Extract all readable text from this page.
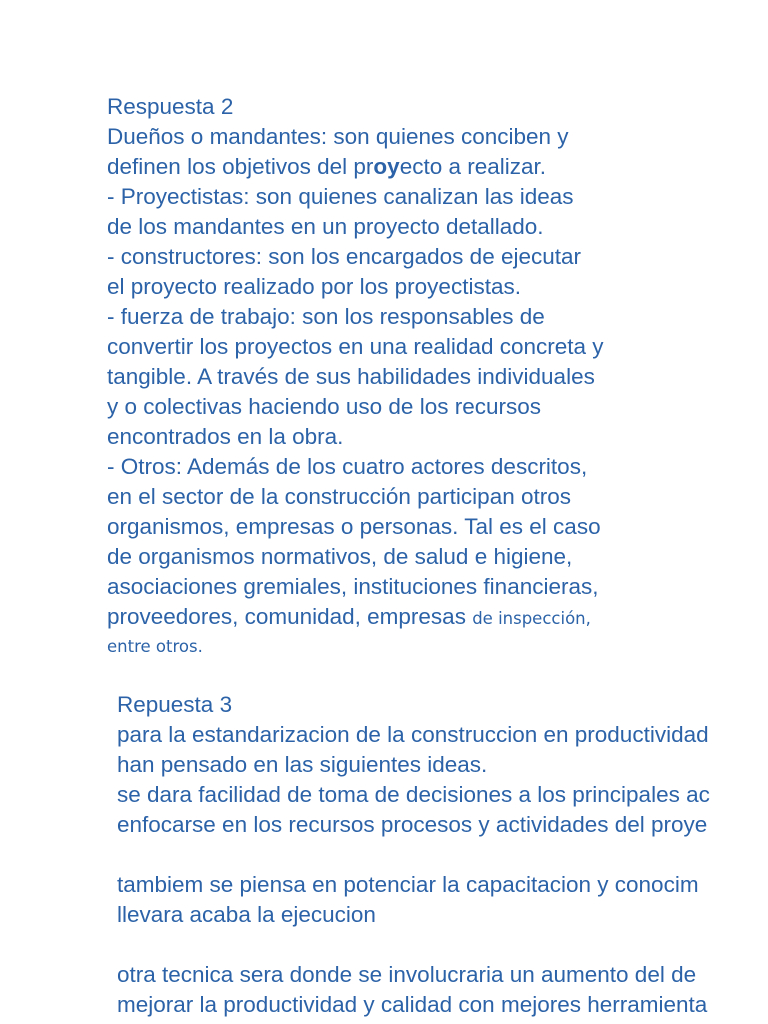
Respuesta 2
Dueños o mandantes: son quienes conciben y
definen los objetivos del proyecto a realizar.
- Proyectistas: son quienes canalizan las ideas
de los mandantes en un proyecto detallado.
- constructores: son los encargados de ejecutar
el proyecto realizado por los proyectistas.
- fuerza de trabajo: son los responsables de
convertir los proyectos en una realidad concreta y
tangible. A través de sus habilidades individuales
y o colectivas haciendo uso de los recursos
encontrados en la obra.
- Otros: Además de los cuatro actores descritos,
en el sector de la construcción participan otros
organismos, empresas o personas. Tal es el caso
de organismos normativos, de salud e higiene,
asociaciones gremiales, instituciones financieras,
proveedores, comunidad, empresas de inspección,
entre otros.
Repuesta 3
para la estandarizacion de la construccion en productividad
han pensado en las siguientes ideas.
se dara facilidad de toma de decisiones a los principales ac
enfocarse en los recursos procesos y actividades del proye
tambiem se piensa en potenciar la capacitacion y conocim
llevara acaba la ejecucion
otra tecnica sera donde se involucraria un aumento del de
mejorar la productividad y calidad con mejores herramienta
